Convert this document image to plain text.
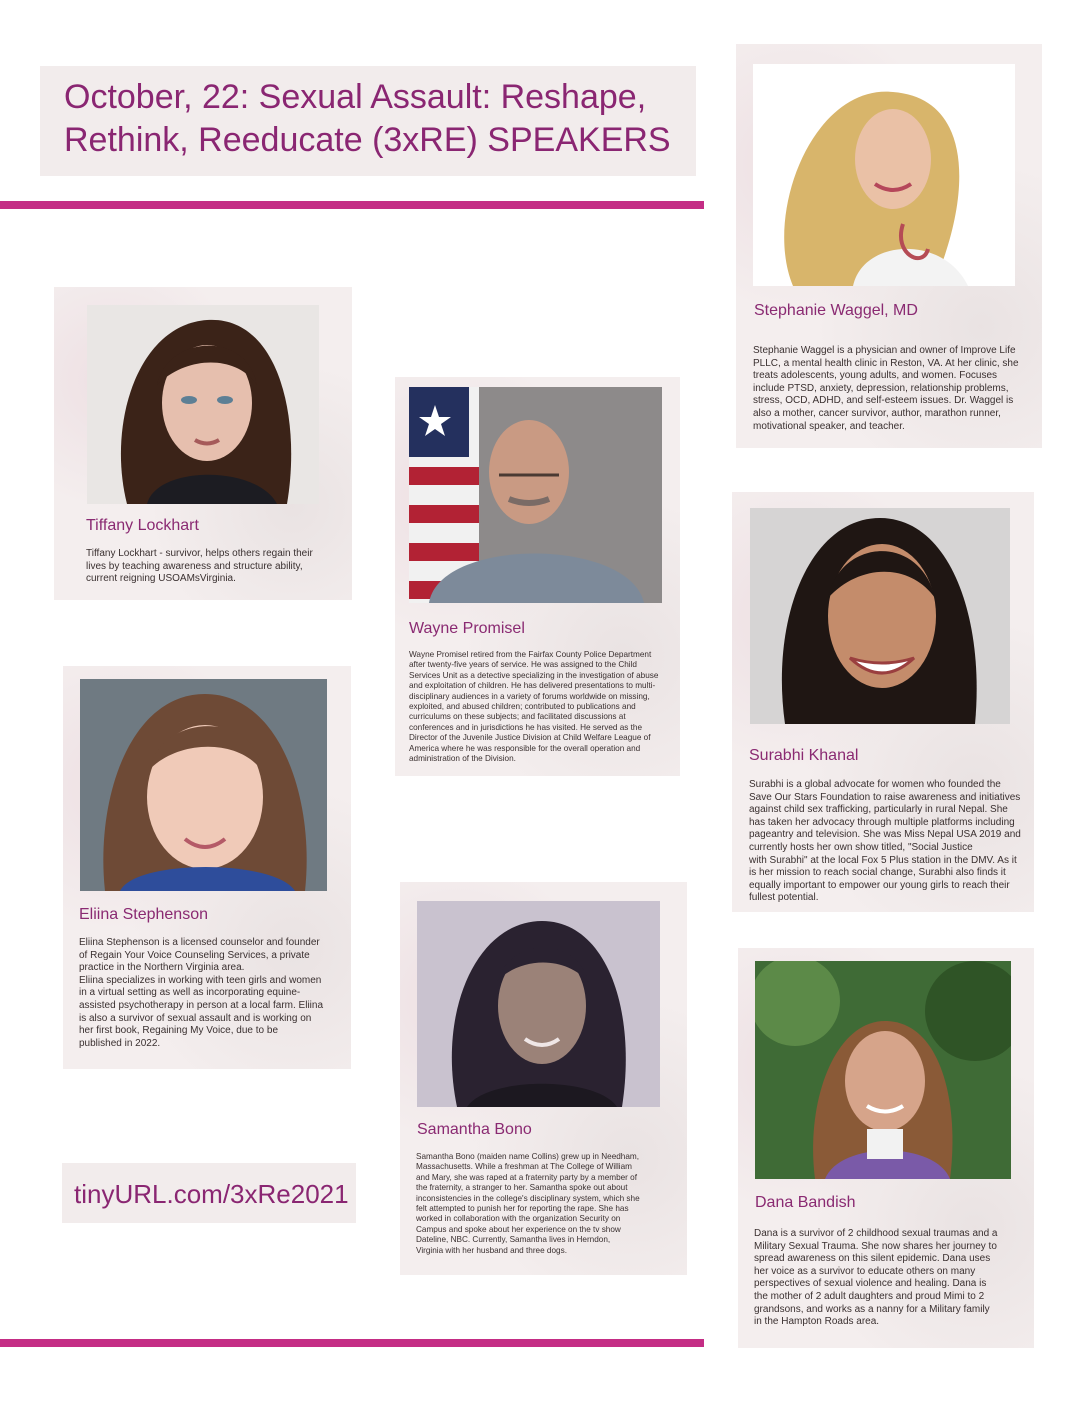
October, 22: Sexual Assault: Reshape,
Rethink, Reeducate (3xRE) SPEAKERS
Tiffany Lockhart
Tiffany Lockhart - survivor, helps others regain their
lives by teaching awareness and structure ability,
current reigning USOAMsVirginia.
Wayne Promisel
Wayne Promisel retired from the Fairfax County Police Department
after twenty-five years of service. He was assigned to the Child
Services Unit as a detective specializing in the investigation of abuse
and exploitation of children. He has delivered presentations to multi-
disciplinary audiences in a variety of forums worldwide on missing,
exploited, and abused children; contributed to publications and
curriculums on these subjects; and facilitated discussions at
conferences and in jurisdictions he has visited. He served as the
Director of the Juvenile Justice Division at Child Welfare League of
America where he was responsible for the overall operation and
administration of the Division.
Stephanie Waggel, MD
Stephanie Waggel is a physician and owner of Improve Life
PLLC, a mental health clinic in Reston, VA. At her clinic, she
treats adolescents, young adults, and women. Focuses
include PTSD, anxiety, depression, relationship problems,
stress, OCD, ADHD, and self-esteem issues. Dr. Waggel is
also a mother, cancer survivor, author, marathon runner,
motivational speaker, and teacher.
Surabhi Khanal
Surabhi is a global advocate for women who founded the
Save Our Stars Foundation to raise awareness and initiatives
against child sex trafficking, particularly in rural Nepal. She
has taken her advocacy through multiple platforms including
pageantry and television. She was Miss Nepal USA 2019 and
currently hosts her own show titled, "Social Justice
with Surabhi" at the local Fox 5 Plus station in the DMV. As it
is her mission to reach social change, Surabhi also finds it
equally important to empower our young girls to reach their
fullest potential.
Eliina Stephenson
Eliina Stephenson is a licensed counselor and founder
of Regain Your Voice Counseling Services, a private
practice in the Northern Virginia area.
Eliina specializes in working with teen girls and women
in a virtual setting as well as incorporating equine-
assisted psychotherapy in person at a local farm. Eliina
is also a survivor of sexual assault and is working on
her first book, Regaining My Voice, due to be
published in 2022.
Samantha Bono
Samantha Bono (maiden name Collins) grew up in Needham,
Massachusetts. While a freshman at The College of William
and Mary, she was raped at a fraternity party by a member of
the fraternity, a stranger to her. Samantha spoke out about
inconsistencies in the college's disciplinary system, which she
felt attempted to punish her for reporting the rape. She has
worked in collaboration with the organization Security on
Campus and spoke about her experience on the tv show
Dateline, NBC. Currently, Samantha lives in Herndon,
Virginia with her husband and three dogs.
Dana Bandish
Dana is a survivor of 2 childhood sexual traumas and a
Military Sexual Trauma. She now shares her journey to
spread awareness on this silent epidemic. Dana uses
her voice as a survivor to educate others on many
perspectives of sexual violence and healing. Dana is
the mother of 2 adult daughters and proud Mimi to 2
grandsons, and works as a nanny for a Military family
in the Hampton Roads area.
tinyURL.com/3xRe2021
